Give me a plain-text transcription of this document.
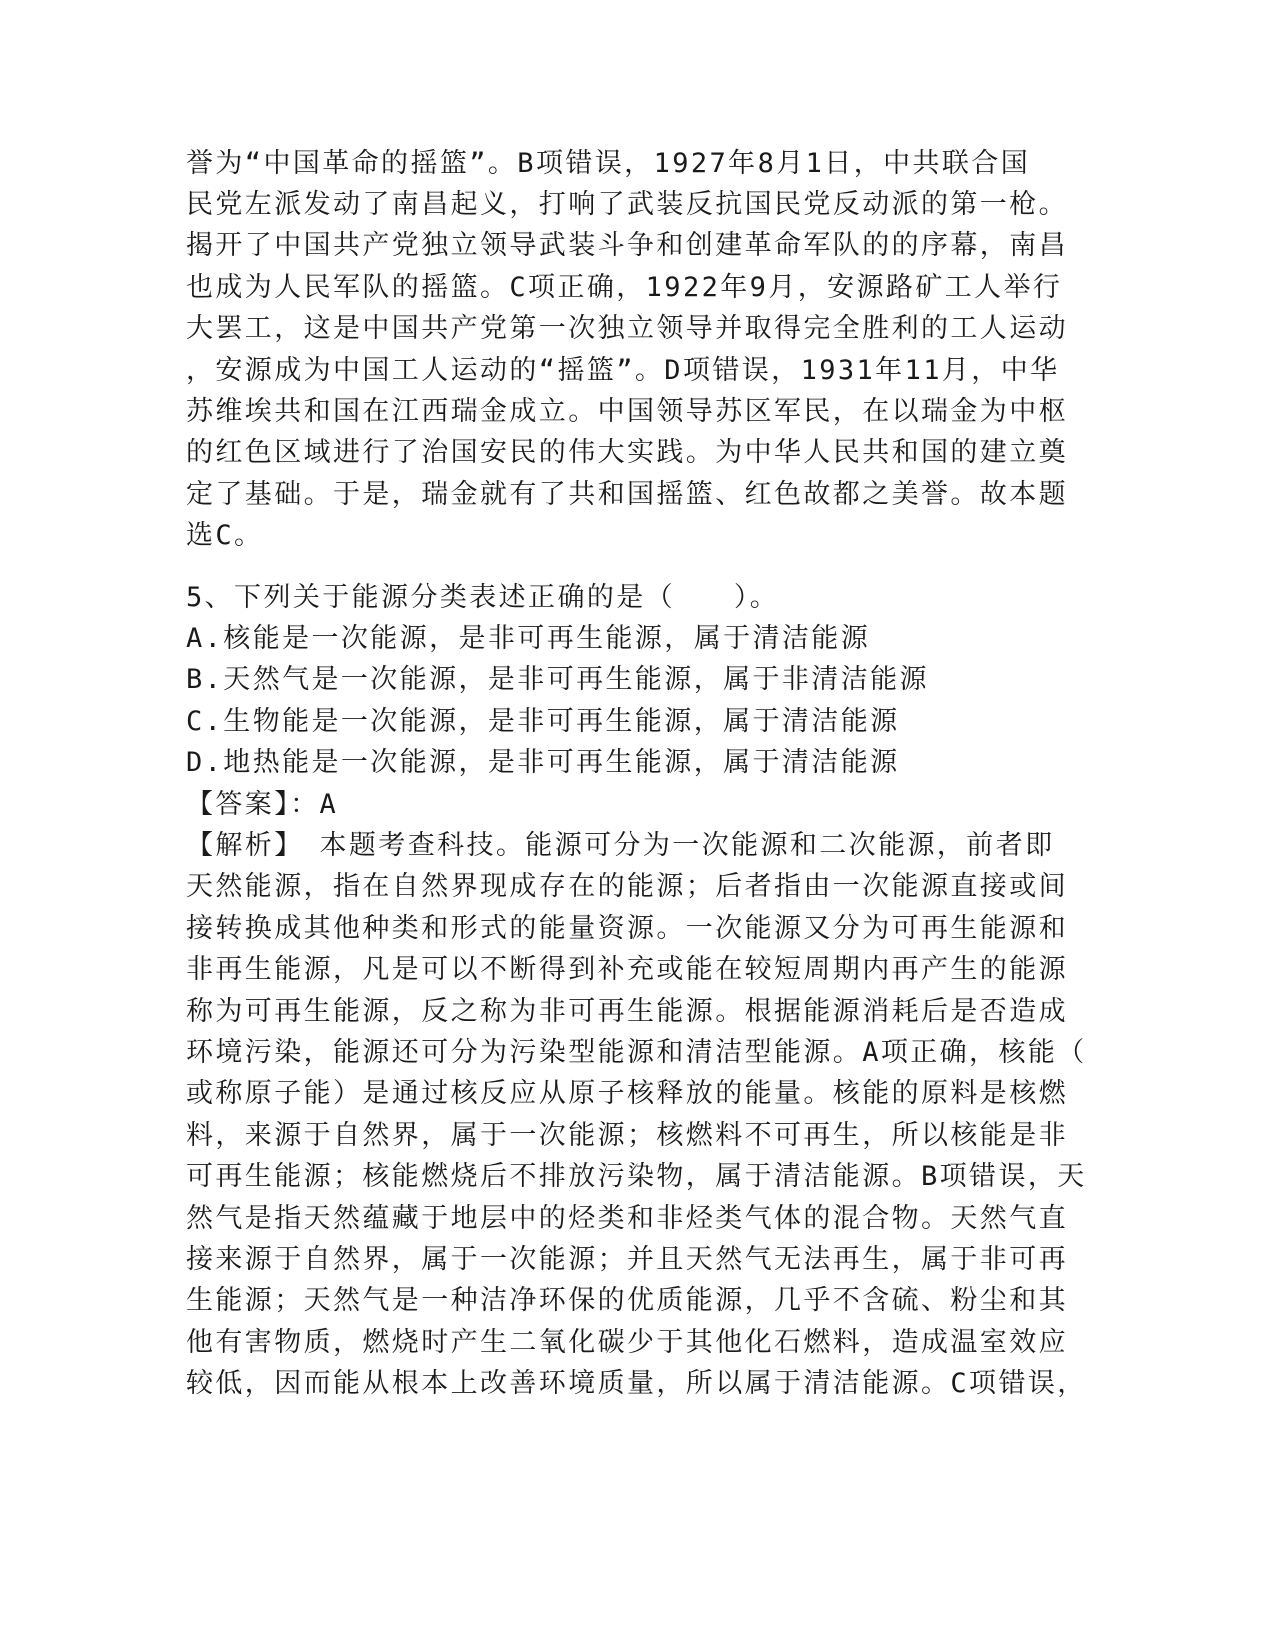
誉为“中国革命的摇篮”。B项错误，1927年8月1日，中共联合国
民党左派发动了南昌起义，打响了武装反抗国民党反动派的第一枪。
揭开了中国共产党独立领导武装斗争和创建革命军队的的序幕，南昌
也成为人民军队的摇篮。C项正确，1922年9月，安源路矿工人举行
大罢工，这是中国共产党第一次独立领导并取得完全胜利的工人运动
，安源成为中国工人运动的“摇篮”。D项错误，1931年11月，中华
苏维埃共和国在江西瑞金成立。中国领导苏区军民，在以瑞金为中枢
的红色区域进行了治国安民的伟大实践。为中华人民共和国的建立奠
定了基础。于是，瑞金就有了共和国摇篮、红色故都之美誉。故本题
选C。
5、下列关于能源分类表述正确的是（　　）。
A.核能是一次能源，是非可再生能源，属于清洁能源
B.天然气是一次能源，是非可再生能源，属于非清洁能源
C.生物能是一次能源，是非可再生能源，属于清洁能源
D.地热能是一次能源，是非可再生能源，属于清洁能源
【答案】：A
【解析】　本题考查科技。能源可分为一次能源和二次能源，前者即
天然能源，指在自然界现成存在的能源；后者指由一次能源直接或间
接转换成其他种类和形式的能量资源。一次能源又分为可再生能源和
非再生能源，凡是可以不断得到补充或能在较短周期内再产生的能源
称为可再生能源，反之称为非可再生能源。根据能源消耗后是否造成
环境污染，能源还可分为污染型能源和清洁型能源。A项正确，核能（
或称原子能）是通过核反应从原子核释放的能量。核能的原料是核燃
料，来源于自然界，属于一次能源；核燃料不可再生，所以核能是非
可再生能源；核能燃烧后不排放污染物，属于清洁能源。B项错误，天
然气是指天然蕴藏于地层中的烃类和非烃类气体的混合物。天然气直
接来源于自然界，属于一次能源；并且天然气无法再生，属于非可再
生能源；天然气是一种洁净环保的优质能源，几乎不含硫、粉尘和其
他有害物质，燃烧时产生二氧化碳少于其他化石燃料，造成温室效应
较低，因而能从根本上改善环境质量，所以属于清洁能源。C项错误，
